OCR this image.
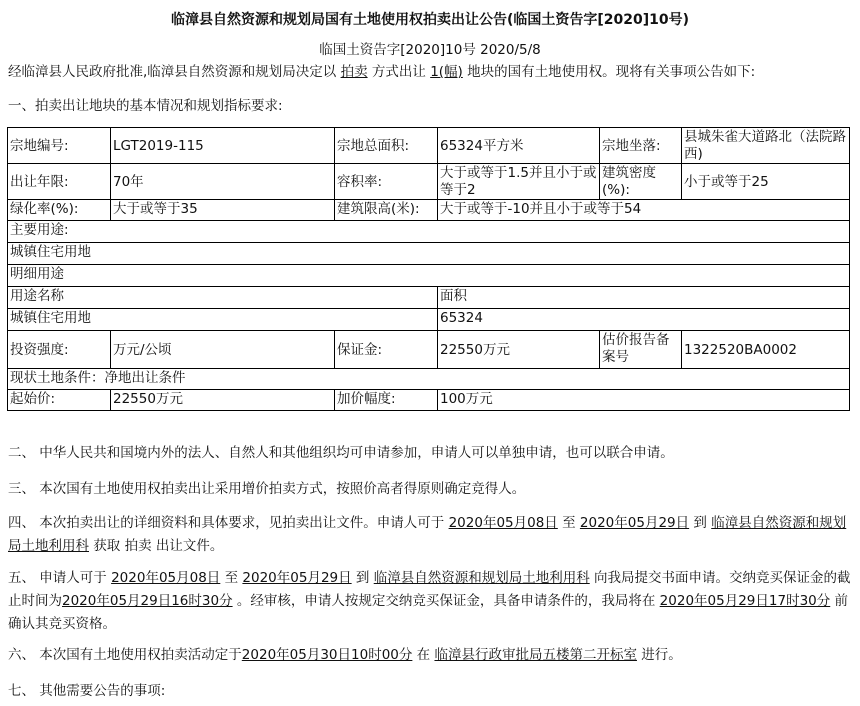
临漳县自然资源和规划局国有土地使用权拍卖出让公告(临国土资告字[2020]10号)
临国土资告字[2020]10号 2020/5/8
经临漳县人民政府批准,临漳县自然资源和规划局决定以 拍卖 方式出让 1(幅) 地块的国有土地使用权。现将有关事项公告如下:
一、拍卖出让地块的基本情况和规划指标要求:
宗地编号:	LGT2019-115	宗地总面积:	65324平方米	宗地坐落:	县城朱雀大道路北（法院路西)
出让年限:	70年	容积率:	大于或等于1.5并且小于或等于2	建筑密度(%):	小于或等于25
绿化率(%):	大于或等于35	建筑限高(米):	大于或等于-10并且小于或等于54		
主要用途:					
城镇住宅用地					
明细用途					
用途名称			面积		
城镇住宅用地			65324		
投资强度:	万元/公顷	保证金:	22550万元	估价报告备案号	1322520BA0002
现状土地条件：净地出让条件					
起始价:	22550万元	加价幅度:	100万元		
二、 中华人民共和国境内外的法人、自然人和其他组织均可申请参加，申请人可以单独申请，也可以联合申请。
三、 本次国有土地使用权拍卖出让采用增价拍卖方式，按照价高者得原则确定竞得人。
四、 本次拍卖出让的详细资料和具体要求，见拍卖出让文件。申请人可于 2020年05月08日 至 2020年05月29日 到 临漳县自然资源和规划局土地利用科 获取 拍卖 出让文件。
五、 申请人可于 2020年05月08日 至 2020年05月29日 到 临漳县自然资源和规划局土地利用科 向我局提交书面申请。交纳竞买保证金的截止时间为2020年05月29日16时30分 。经审核，申请人按规定交纳竞买保证金，具备申请条件的，我局将在 2020年05月29日17时30分 前确认其竞买资格。
六、 本次国有土地使用权拍卖活动定于2020年05月30日10时00分 在 临漳县行政审批局五楼第二开标室 进行。
七、 其他需要公告的事项:
